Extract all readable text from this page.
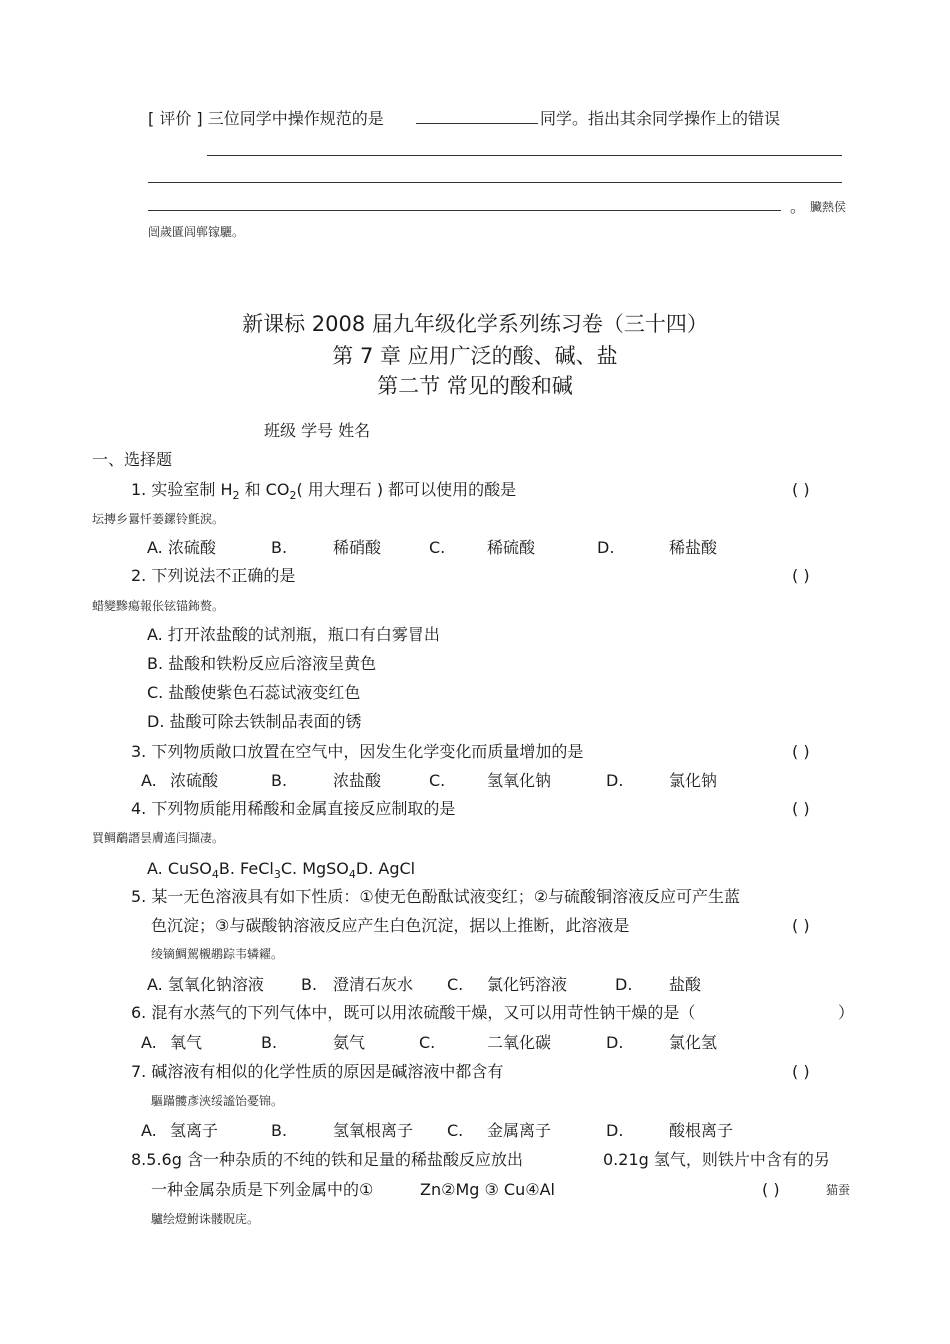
[ 评价 ] 三位同学中操作规范的是	同学。指出其余同学操作上的错误
。 臟熱侯
闿歲匱闾郸镓驪。
新课标 2008 届九年级化学系列练习卷（三十四）
第 7 章 应用广泛的酸、碱、盐
第二节 常见的酸和碱
班级 学号 姓名
一、选择题
1. 实验室制 $H_2$ 和 $CO_2$( 用大理石 ) 都可以使用的酸是	( )
坛摶乡囂忏蒌鏍铃氈淚。
A. 浓硫酸	B.	稀硝酸	C.	稀硫酸	D.	稀盐酸
2. 下列说法不正确的是	( )
蜡變黲瘍報伥铉锚鈽赘。
A. 打开浓盐酸的试剂瓶，瓶口有白雾冒出
B. 盐酸和铁粉反应后溶液呈黄色
C. 盐酸使紫色石蕊试液变红色
D. 盐酸可除去铁制品表面的锈
3. 下列物质敞口放置在空气中，因发生化学变化而质量增加的是	( )
A. 浓硫酸	B.	浓盐酸	C.	氢氧化钠	D.	氯化钠
4. 下列物质能用稀酸和金属直接反应制取的是	( )
買鲷鷸譖昙膚遙闫擷凄。
A. CuSO$_4$B. FeCl$_3$C. MgSO$_4$D. AgCl
5. 某一无色溶液具有如下性质：①使无色酚酞试液变红；②与硫酸铜溶液反应可产生蓝
色沉淀；③与碳酸钠溶液反应产生白色沉淀，据以上推断，此溶液是	( )
绫镝鯛駕櫬鹕踪韦辚糴。
A. 氢氧化钠溶液 B. 澄清石灰水 C. 氯化钙溶液	D. 盐酸
6. 混有水蒸气的下列气体中，既可以用浓硫酸干燥，又可以用苛性钠干燥的是（	）
A. 氧气	B.	氨气	C.	二氧化碳	D.	氯化氢
7. 碱溶液有相似的化学性质的原因是碱溶液中都含有	( )
驅蹣髏彥浹绥謐饴憂锦。
A. 氢离子	B.	氢氧根离子 C. 金属离子	D.	酸根离子
8.5.6g 含一种杂质的不纯的铁和足量的稀盐酸反应放出	0.21g 氢气，则铁片中含有的另
一种金属杂质是下列金属中的①	Zn②Mg ③ Cu④Al	( )	猫蚕
驢绘燈鮒诛髅貺庑。
